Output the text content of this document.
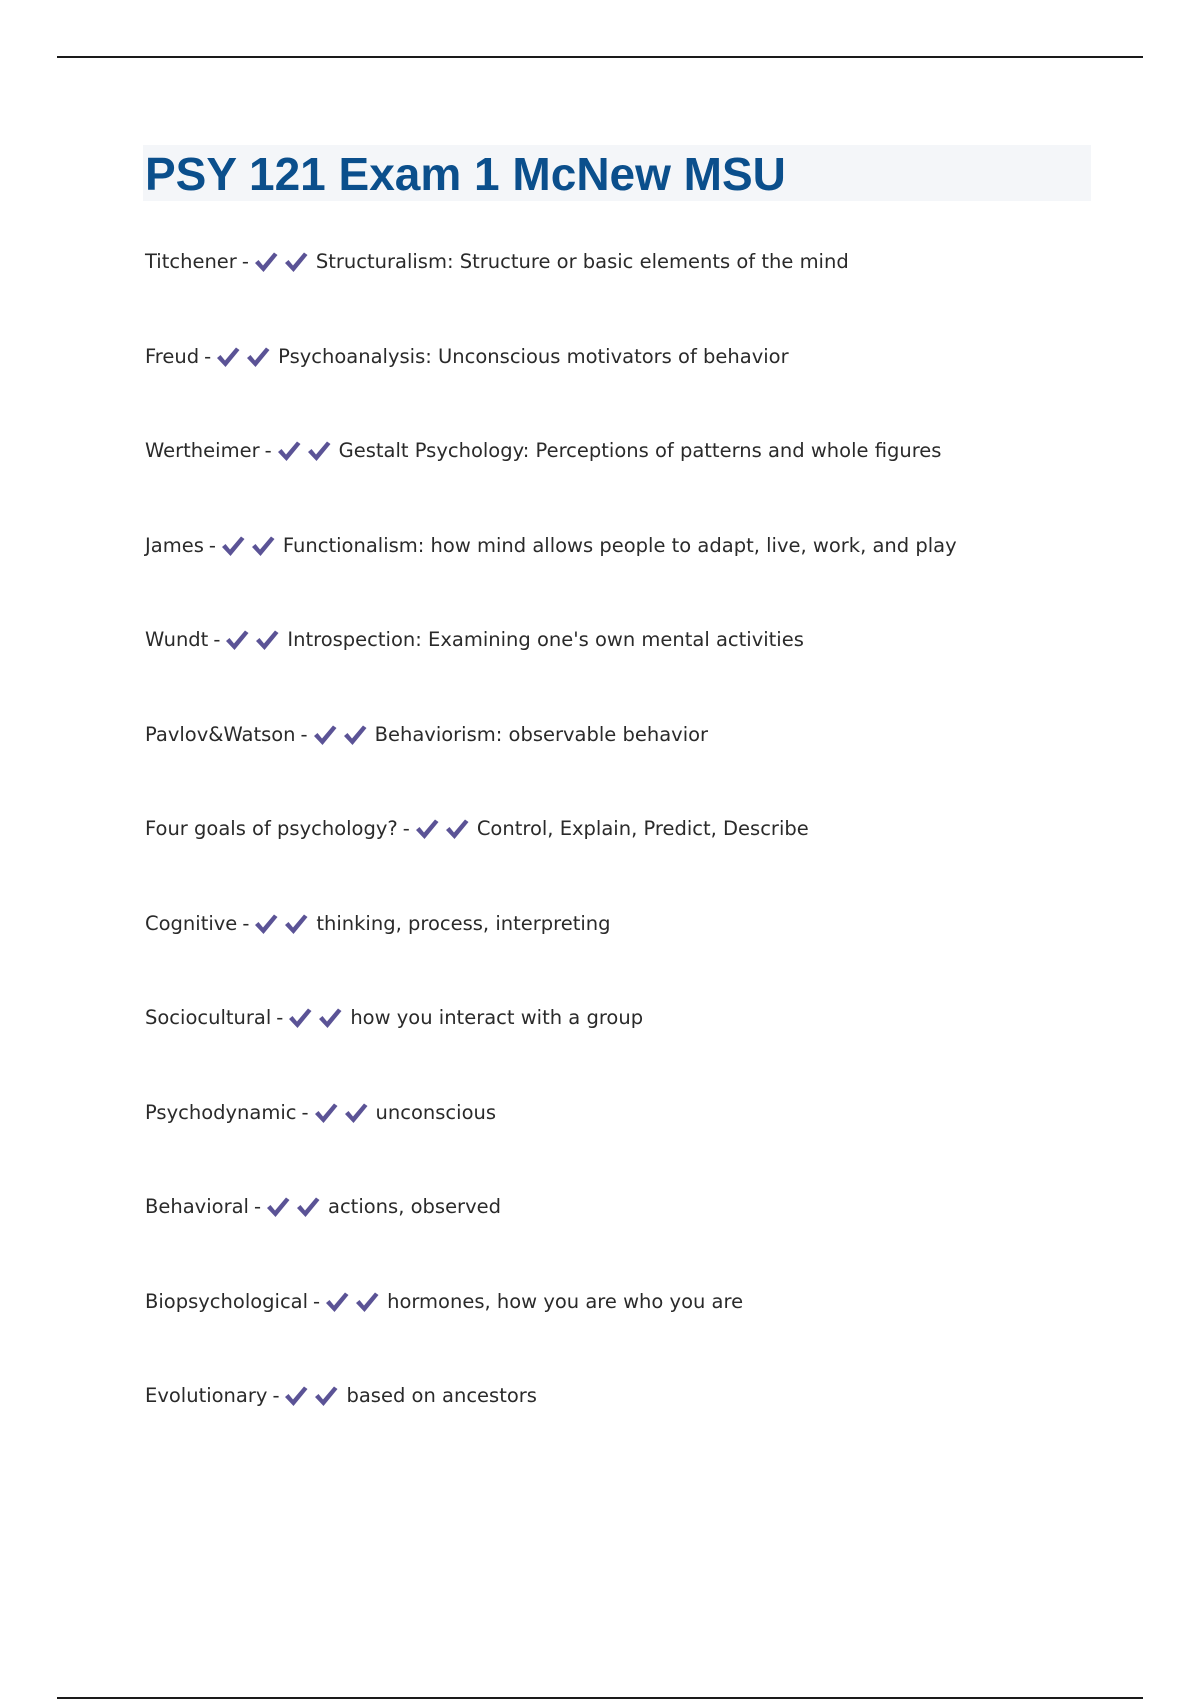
PSY 121 Exam 1 McNew MSU
Titchener -	Structuralism: Structure or basic elements of the mind
Freud -	Psychoanalysis: Unconscious motivators of behavior
Wertheimer -	Gestalt Psychology: Perceptions of patterns and whole figures
James -	Functionalism: how mind allows people to adapt, live, work, and play
Wundt -	Introspection: Examining one's own mental activities
Pavlov&Watson -	Behaviorism: observable behavior
Four goals of psychology? -	Control, Explain, Predict, Describe
Cognitive -	thinking, process, interpreting
Sociocultural -	how you interact with a group
Psychodynamic -	unconscious
Behavioral -	actions, observed
Biopsychological -	hormones, how you are who you are
Evolutionary -	based on ancestors
